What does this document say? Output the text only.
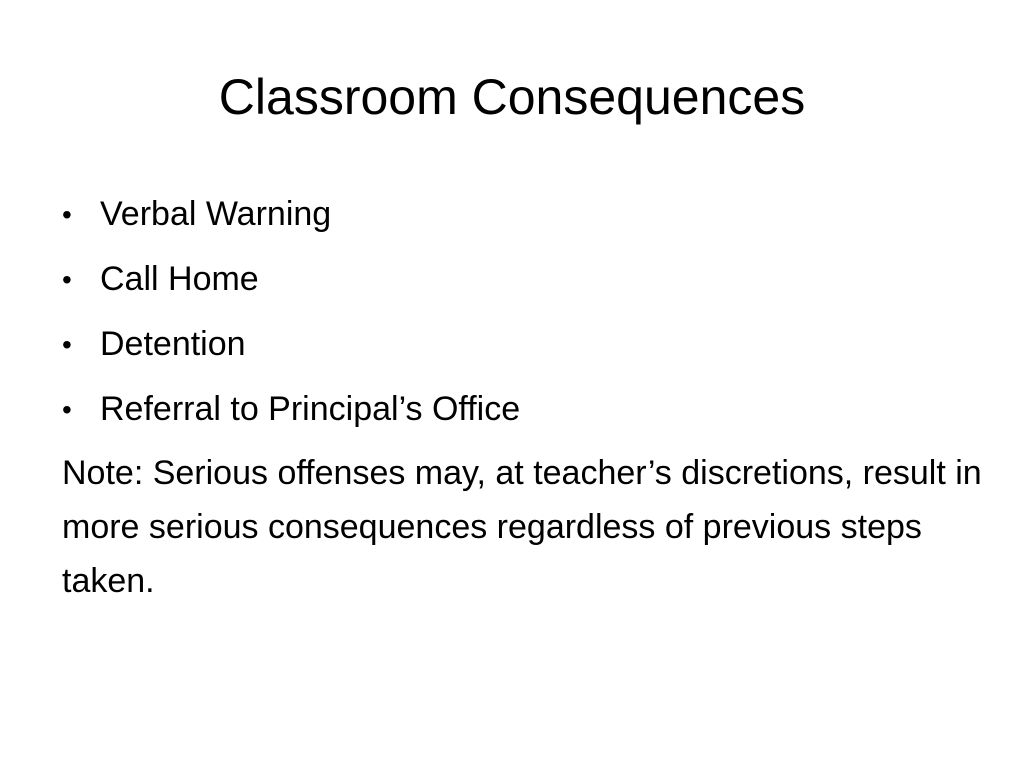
Classroom Consequences
• Verbal Warning
• Call Home
• Detention
• Referral to Principal’s Office

Note: Serious offenses may, at teacher’s discretions, result in more serious consequences regardless of previous steps taken.
